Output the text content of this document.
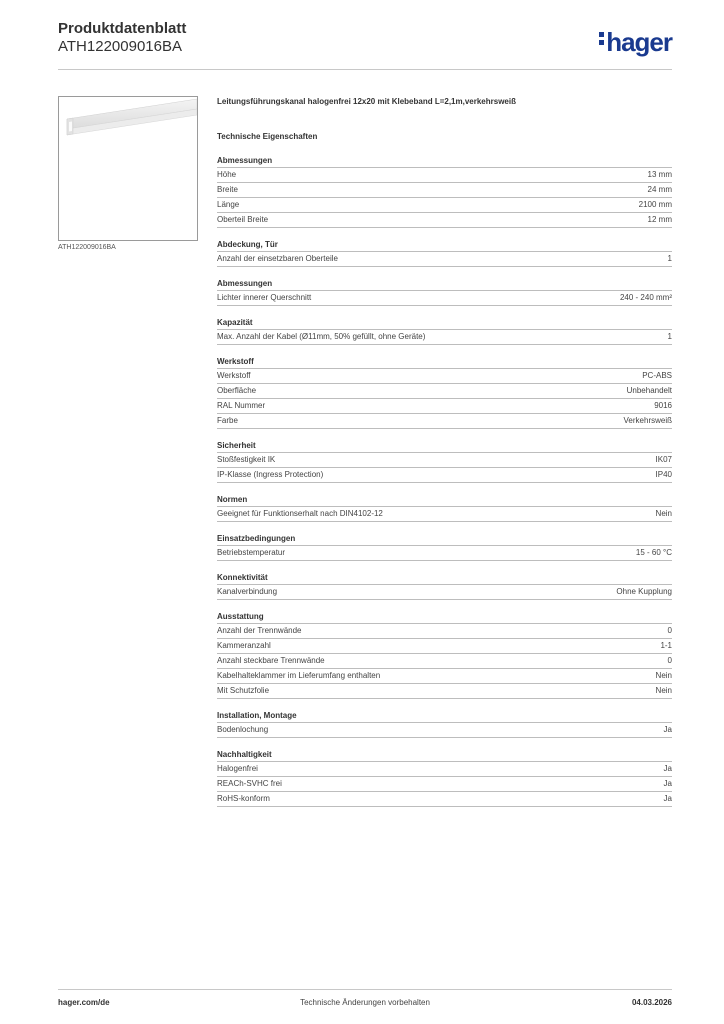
Produktdatenblatt
ATH122009016BA	hager
ATH122009016BA
Leitungsführungskanal halogenfrei 12x20 mit Klebeband L=2,1m,verkehrsweiß
Technische Eigenschaften
Abmessungen
Höhe	13 mm
Breite	24 mm
Länge	2100 mm
Oberteil Breite	12 mm
Abdeckung, Tür
Anzahl der einsetzbaren Oberteile	1
Abmessungen
Lichter innerer Querschnitt	240 - 240 mm²
Kapazität
Max. Anzahl der Kabel (Ø11mm, 50% gefüllt, ohne Geräte)	1
Werkstoff
Werkstoff	PC-ABS
Oberfläche	Unbehandelt
RAL Nummer	9016
Farbe	Verkehrsweiß
Sicherheit
Stoßfestigkeit IK	IK07
IP-Klasse (Ingress Protection)	IP40
Normen
Geeignet für Funktionserhalt nach DIN4102-12	Nein
Einsatzbedingungen
Betriebstemperatur	15 - 60 °C
Konnektivität
Kanalverbindung	Ohne Kupplung
Ausstattung
Anzahl der Trennwände	0
Kammeranzahl	1-1
Anzahl steckbare Trennwände	0
Kabelhalteklammer im Lieferumfang enthalten	Nein
Mit Schutzfolie	Nein
Installation, Montage
Bodenlochung	Ja
Nachhaltigkeit
Halogenfrei	Ja
REACh-SVHC frei	Ja
RoHS-konform	Ja
hager.com/de	Technische Änderungen vorbehalten	04.03.2026
